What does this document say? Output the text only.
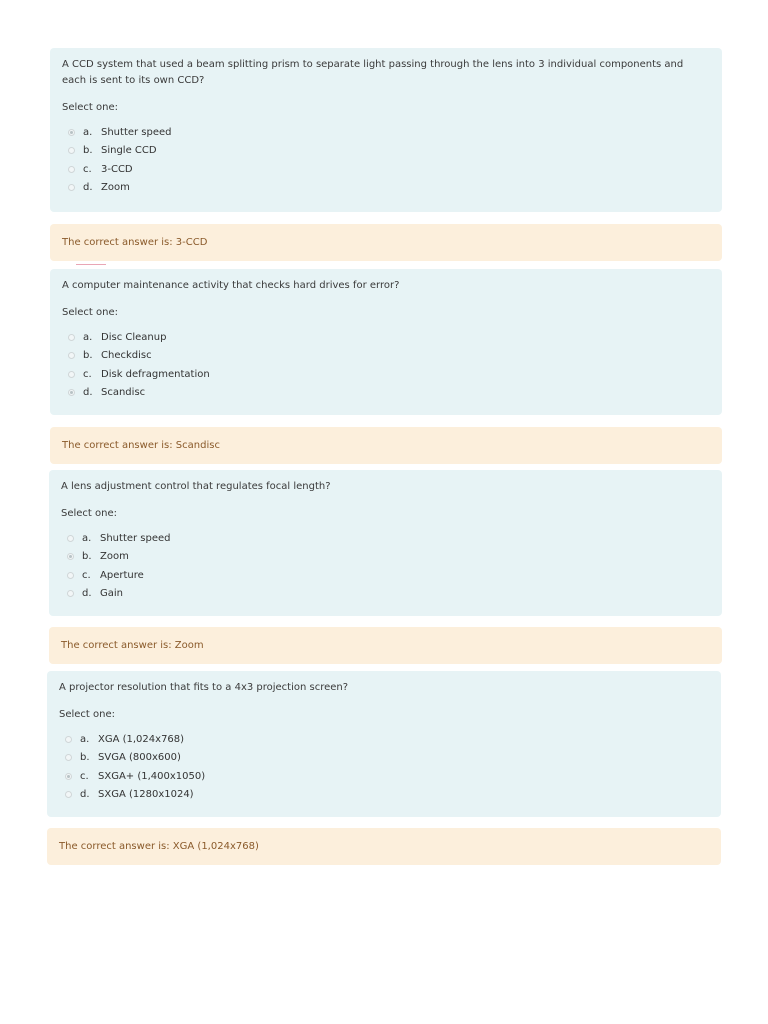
A CCD system that used a beam splitting prism to separate light passing through the lens into 3 individual components and each is sent to its own CCD?
Select one:
a. Shutter speed
b. Single CCD
c. 3-CCD
d. Zoom
The correct answer is: 3-CCD
A computer maintenance activity that checks hard drives for error?
Select one:
a. Disc Cleanup
b. Checkdisc
c. Disk defragmentation
d. Scandisc
The correct answer is: Scandisc
A lens adjustment control that regulates focal length?
Select one:
a. Shutter speed
b. Zoom
c. Aperture
d. Gain
The correct answer is: Zoom
A projector resolution that fits to a 4x3 projection screen?
Select one:
a. XGA (1,024x768)
b. SVGA (800x600)
c. SXGA+ (1,400x1050)
d. SXGA (1280x1024)
The correct answer is: XGA (1,024x768)
